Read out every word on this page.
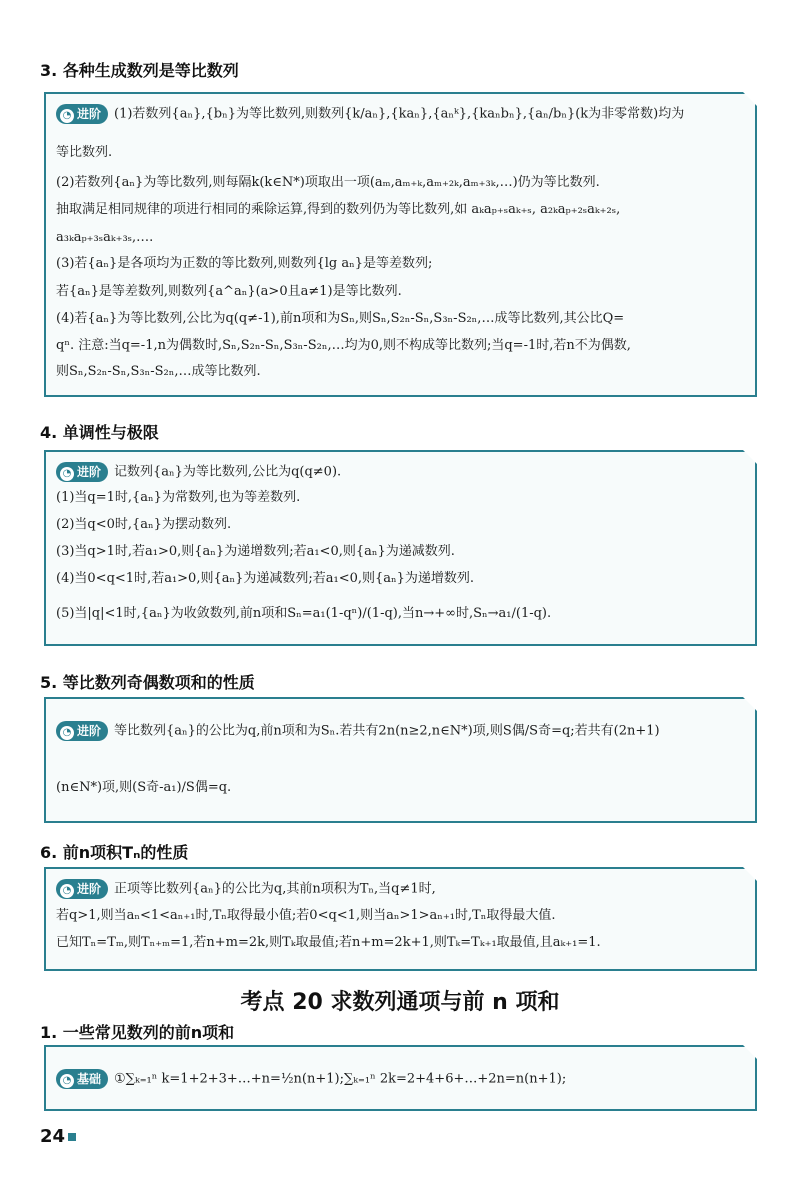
3. 各种生成数列是等比数列
◔ 进阶 (1)若数列{aₙ},{bₙ}为等比数列,则数列{k/aₙ},{kaₙ},{aₙᵏ},{kaₙbₙ},{aₙ/bₙ}(k为非零常数)均为
等比数列.
(2)若数列{aₙ}为等比数列,则每隔k(k∈N*)项取出一项(aₘ,aₘ₊ₖ,aₘ₊₂ₖ,aₘ₊₃ₖ,…)仍为等比数列.
抽取满足相同规律的项进行相同的乘除运算,得到的数列仍为等比数列,如 aₖaₚ₊ₛaₖ₊ₛ, a₂ₖaₚ₊₂ₛaₖ₊₂ₛ,
a₃ₖaₚ₊₃ₛaₖ₊₃ₛ,….
(3)若{aₙ}是各项均为正数的等比数列,则数列{lg aₙ}是等差数列;
若{aₙ}是等差数列,则数列{a^aₙ}(a>0且a≠1)是等比数列.
(4)若{aₙ}为等比数列,公比为q(q≠-1),前n项和为Sₙ,则Sₙ,S₂ₙ-Sₙ,S₃ₙ-S₂ₙ,…成等比数列,其公比Q=
qⁿ. 注意:当q=-1,n为偶数时,Sₙ,S₂ₙ-Sₙ,S₃ₙ-S₂ₙ,…均为0,则不构成等比数列;当q=-1时,若n不为偶数,
则Sₙ,S₂ₙ-Sₙ,S₃ₙ-S₂ₙ,…成等比数列.
4. 单调性与极限
◔ 进阶 记数列{aₙ}为等比数列,公比为q(q≠0).
(1)当q=1时,{aₙ}为常数列,也为等差数列.
(2)当q<0时,{aₙ}为摆动数列.
(3)当q>1时,若a₁>0,则{aₙ}为递增数列;若a₁<0,则{aₙ}为递减数列.
(4)当0<q<1时,若a₁>0,则{aₙ}为递减数列;若a₁<0,则{aₙ}为递增数列.
(5)当|q|<1时,{aₙ}为收敛数列,前n项和Sₙ=a₁(1-qⁿ)/(1-q),当n→+∞时,Sₙ→a₁/(1-q).
5. 等比数列奇偶数项和的性质
◔ 进阶 等比数列{aₙ}的公比为q,前n项和为Sₙ.若共有2n(n≥2,n∈N*)项,则S偶/S奇=q;若共有(2n+1)
(n∈N*)项,则(S奇-a₁)/S偶=q.
6. 前n项积Tₙ的性质
◔ 进阶 正项等比数列{aₙ}的公比为q,其前n项积为Tₙ,当q≠1时,
若q>1,则当aₙ<1<aₙ₊₁时,Tₙ取得最小值;若0<q<1,则当aₙ>1>aₙ₊₁时,Tₙ取得最大值.
已知Tₙ=Tₘ,则Tₙ₊ₘ=1,若n+m=2k,则Tₖ取最值;若n+m=2k+1,则Tₖ=Tₖ₊₁取最值,且aₖ₊₁=1.
考点 20 求数列通项与前 n 项和
1. 一些常见数列的前n项和
◔ 基础 ①∑ₖ₌₁ⁿ k=1+2+3+…+n=½n(n+1);∑ₖ₌₁ⁿ 2k=2+4+6+…+2n=n(n+1);
24
